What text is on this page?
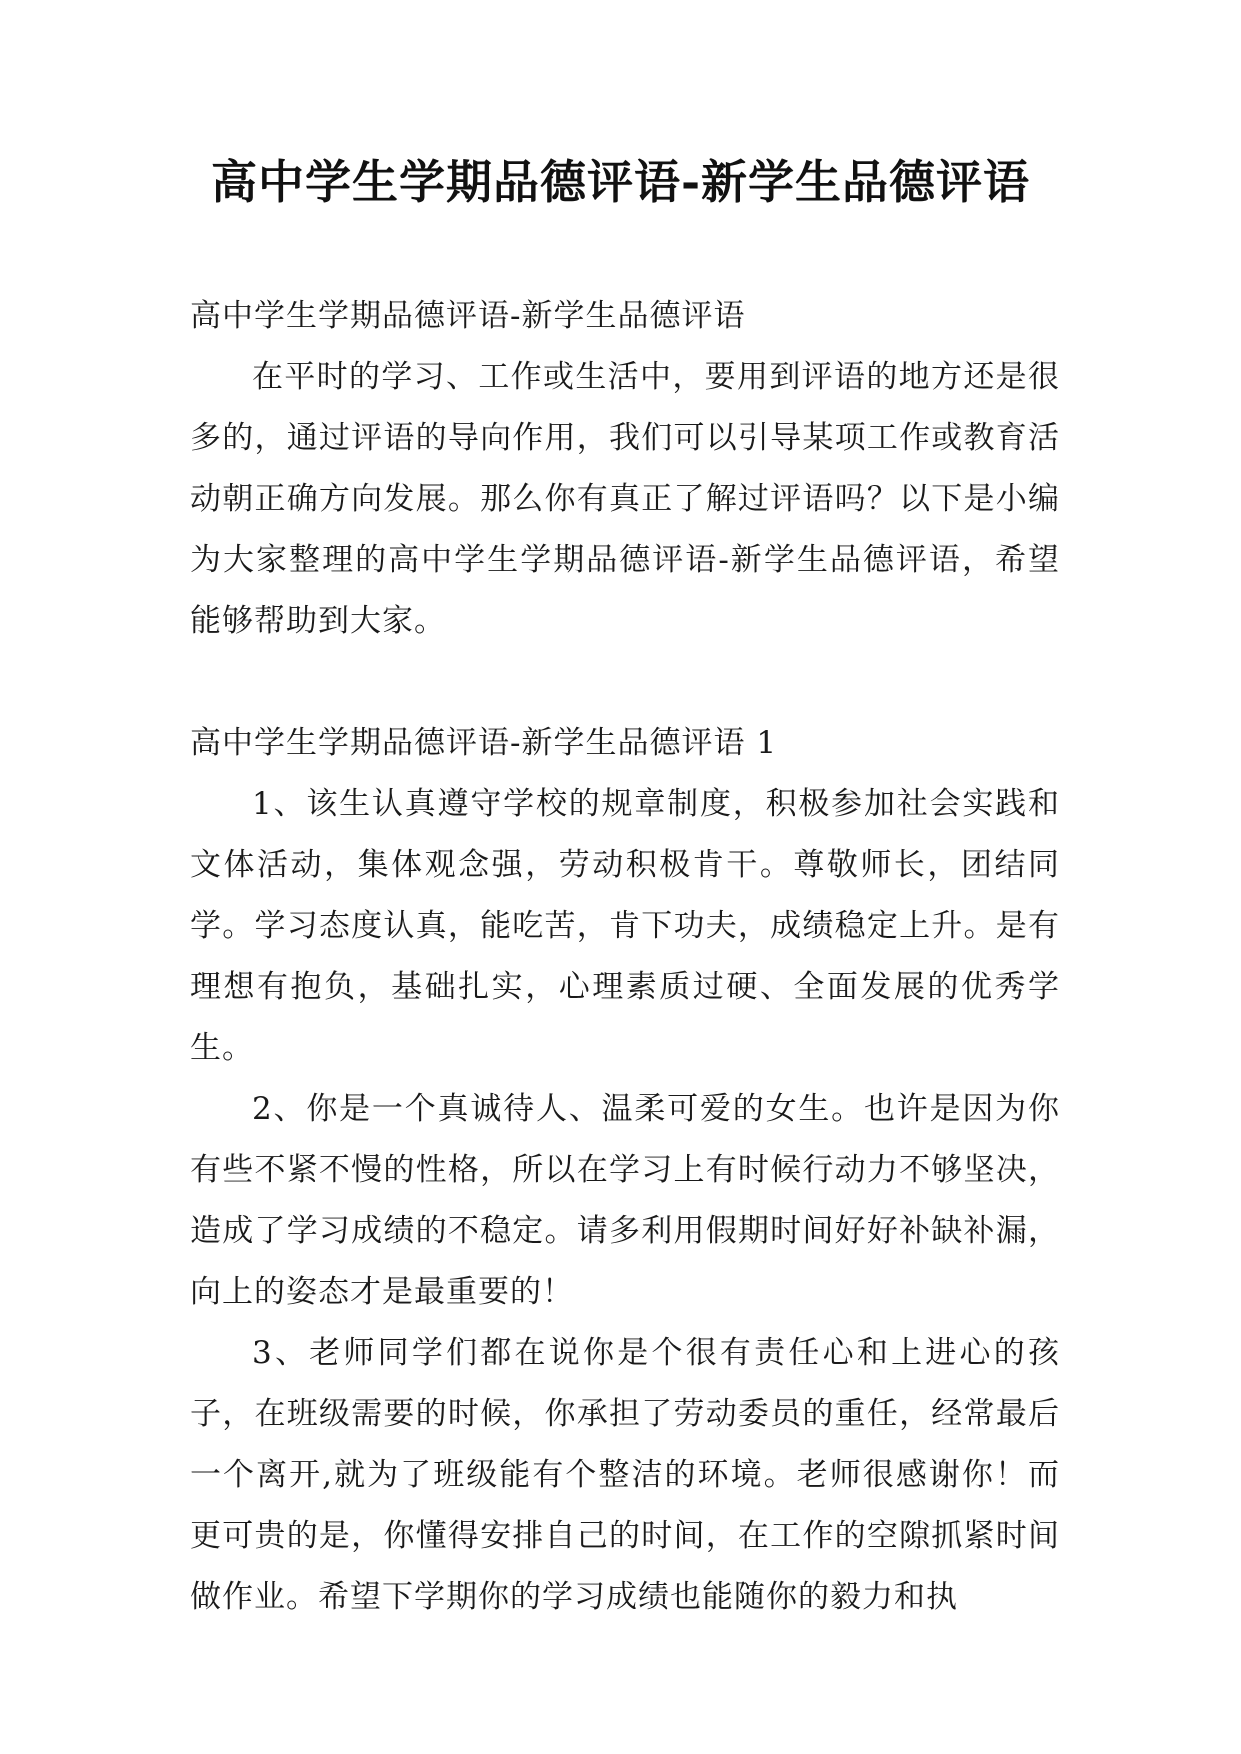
高中学生学期品德评语-新学生品德评语

高中学生学期品德评语-新学生品德评语

在平时的学习、工作或生活中，要用到评语的地方还是很多的，通过评语的导向作用，我们可以引导某项工作或教育活动朝正确方向发展。那么你有真正了解过评语吗？以下是小编为大家整理的高中学生学期品德评语-新学生品德评语，希望能够帮助到大家。

高中学生学期品德评语-新学生品德评语 1

1、该生认真遵守学校的规章制度，积极参加社会实践和文体活动，集体观念强，劳动积极肯干。尊敬师长，团结同学。学习态度认真，能吃苦，肯下功夫，成绩稳定上升。是有理想有抱负，基础扎实，心理素质过硬、全面发展的优秀学生。

2、你是一个真诚待人、温柔可爱的女生。也许是因为你有些不紧不慢的性格，所以在学习上有时候行动力不够坚决，造成了学习成绩的不稳定。请多利用假期时间好好补缺补漏，向上的姿态才是最重要的！

3、老师同学们都在说你是个很有责任心和上进心的孩子，在班级需要的时候，你承担了劳动委员的重任，经常最后一个离开,就为了班级能有个整洁的环境。老师很感谢你！而更可贵的是，你懂得安排自己的时间，在工作的空隙抓紧时间做作业。希望下学期你的学习成绩也能随你的毅力和执
